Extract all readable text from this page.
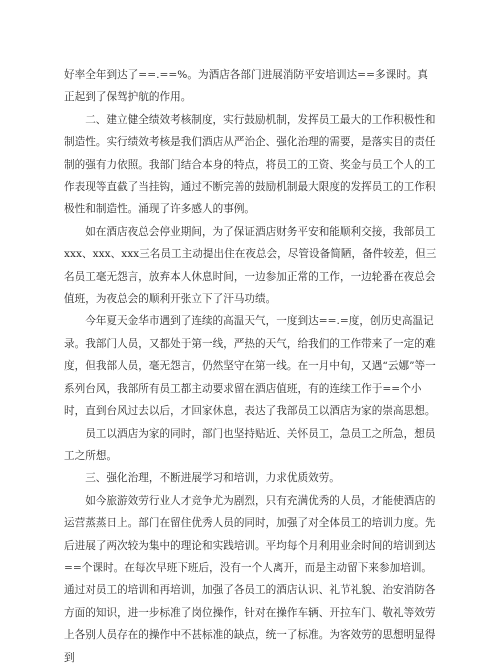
好率全年到达了==.==%。为酒店各部门进展消防平安培训达==多课时。真正起到了保驾护航的作用。

二、建立健全绩效考核制度，实行鼓励机制，发挥员工最大的工作积极性和制造性。实行绩效考核是我们酒店从严治企、强化治理的需要，是落实目的责任制的强有力依照。我部门结合本身的特点，将员工的工资、奖金与员工个人的工作表现等直截了当挂钩，通过不断完善的鼓励机制最大限度的发挥员工的工作积极性和制造性。涌现了许多感人的事例。

如在酒店夜总会停业期间，为了保证酒店财务平安和能顺利交接，我部员工xxx、xxx、xxx三名员工主动提出住在夜总会，尽管设备简陋，备件较差，但三名员工毫无怨言，放弃本人休息时间，一边参加正常的工作，一边轮番在夜总会值班，为夜总会的顺利开张立下了汗马功绩。

今年夏天金华市遇到了连续的高温天气，一度到达==.=度，创历史高温记录。我部门人员，又都处于第一线，严热的天气，给我们的工作带来了一定的难度，但我部人员，毫无怨言，仍然坚守在第一线。在一月中旬，又遇“云娜”等一系列台风，我部所有员工都主动要求留在酒店值班，有的连续工作于==个小时，直到台风过去以后，才回家休息，表达了我部员工以酒店为家的崇高思想。

员工以酒店为家的同时，部门也坚持贴近、关怀员工，急员工之所急，想员工之所想。

三、强化治理，不断进展学习和培训，力求优质效劳。

如今旅游效劳行业人才竞争尤为剧烈，只有充满优秀的人员，才能使酒店的运营蒸蒸日上。部门在留住优秀人员的同时，加强了对全体员工的培训力度。先后进展了两次较为集中的理论和实践培训。平均每个月利用业余时间的培训到达==个课时。在每次早班下班后，没有一个人离开，而是主动留下来参加培训。通过对员工的培训和再培训，加强了各员工的酒店认识、礼节礼貌、治安消防各方面的知识，进一步标准了岗位操作，针对在操作车辆、开拉车门、敬礼等效劳上各别人员存在的操作中不甚标准的缺点，统一了标准。为客效劳的思想明显得到
